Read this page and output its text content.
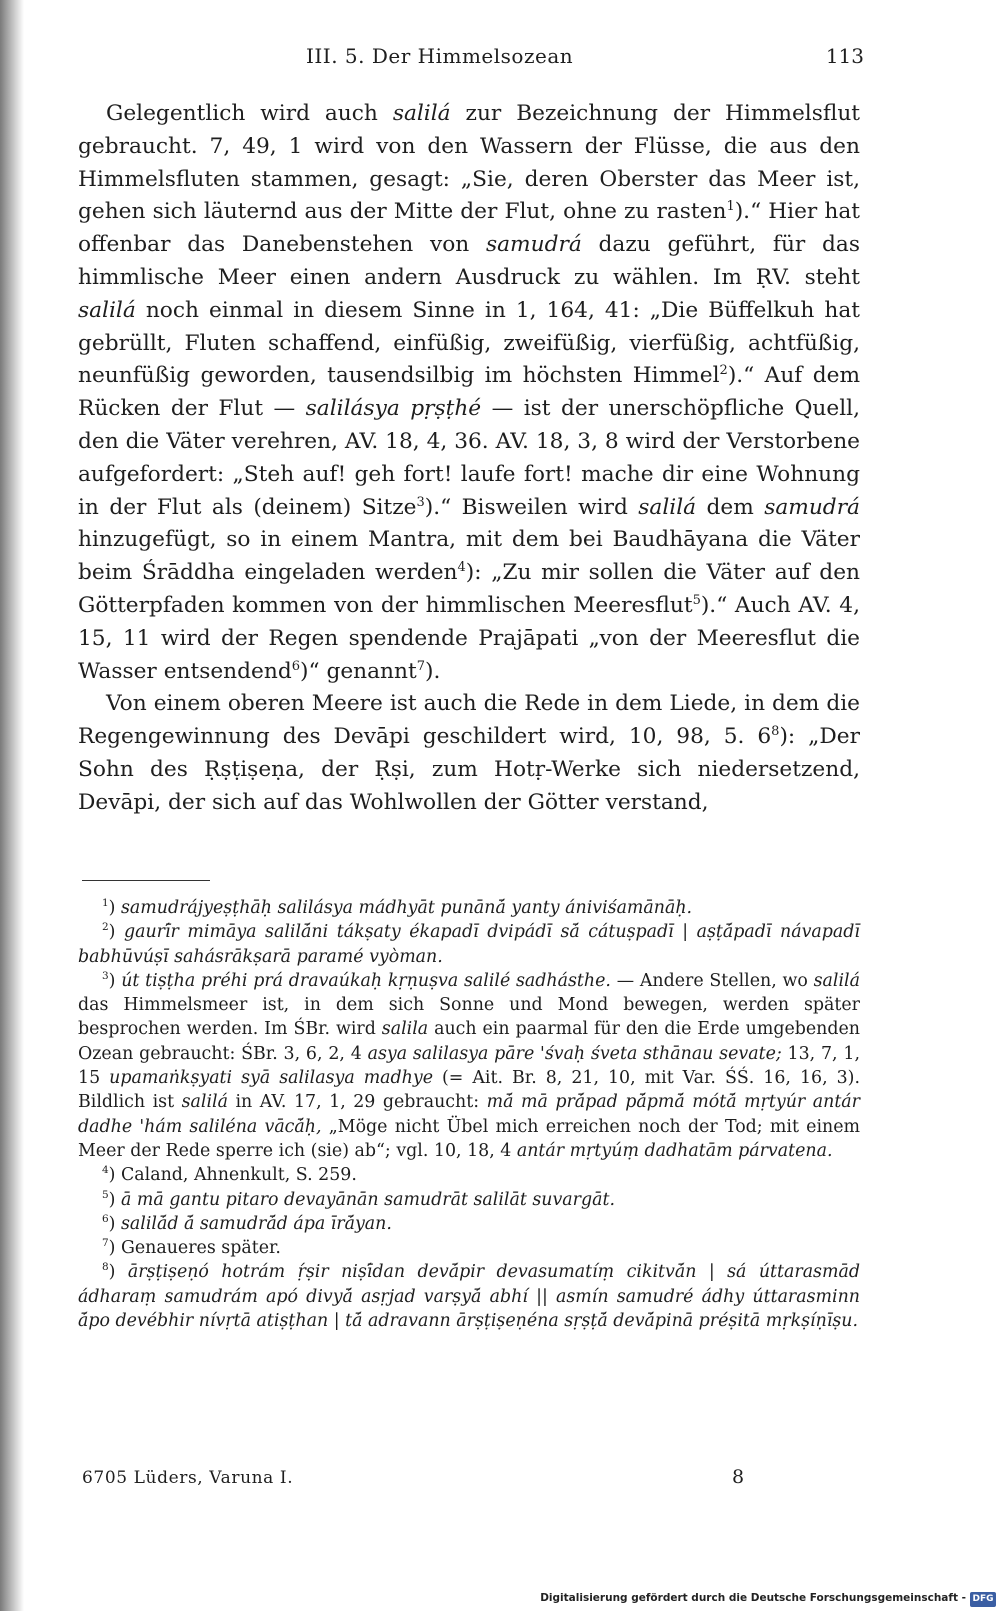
III. 5. Der Himmelsozean	113

Gelegentlich wird auch salilá zur Bezeichnung der Himmelsflut gebraucht. 7, 49, 1 wird von den Wassern der Flüsse, die aus den Himmelsfluten stammen, gesagt: „Sie, deren Oberster das Meer ist, gehen sich läuternd aus der Mitte der Flut, ohne zu rasten$^1$).“ Hier hat offenbar das Danebenstehen von samudrá dazu geführt, für das himmlische Meer einen andern Ausdruck zu wählen. Im ṚV. steht salilá noch einmal in diesem Sinne in 1, 164, 41: „Die Büffelkuh hat gebrüllt, Fluten schaffend, einfüßig, zweifüßig, vierfüßig, achtfüßig, neunfüßig geworden, tausendsilbig im höchsten Himmel$^2$).“ Auf dem Rücken der Flut — salilásya pṛṣṭhé — ist der unerschöpfliche Quell, den die Väter verehren, AV. 18, 4, 36. AV. 18, 3, 8 wird der Verstorbene aufgefordert: „Steh auf! geh fort! laufe fort! mache dir eine Wohnung in der Flut als (deinem) Sitze$^3$).“ Bisweilen wird salilá dem samudrá hinzugefügt, so in einem Mantra, mit dem bei Baudhāyana die Väter beim Śrāddha eingeladen werden$^4$): „Zu mir sollen die Väter auf den Götterpfaden kommen von der himmlischen Meeresflut$^5$).“ Auch AV. 4, 15, 11 wird der Regen spendende Prajāpati „von der Meeresflut die Wasser entsendend$^6$)“ genannt$^7$).

Von einem oberen Meere ist auch die Rede in dem Liede, in dem die Regengewinnung des Devāpi geschildert wird, 10, 98, 5. $6^8$): „Der Sohn des Ṛṣṭiṣeṇa, der Ṛṣi, zum Hotṛ-Werke sich niedersetzend, Devāpi, der sich auf das Wohlwollen der Götter verstand,

$^1$) samudrájyeṣṭhāḥ salilásya mádhyāt punānā́ yanty ániviśamānāḥ.

$^2$) gaurī́r mimāya salilā́ni tákṣaty ékapadī dvipádī sā́ cátuṣpadī | aṣṭā́padī návapadī babhūvúṣī sahásrākṣarā paramé vyòman.

$^3$) út tiṣṭha préhi prá dravaúkaḥ kṛṇuṣva salilé sadhásthe. — Andere Stellen, wo salilá das Himmelsmeer ist, in dem sich Sonne und Mond bewegen, werden später besprochen werden. Im ŚBr. wird salila auch ein paarmal für den die Erde umgebenden Ozean gebraucht: ŚBr. 3, 6, 2, 4 asya salilasya pāre 'śvaḥ śveta sthānau sevate; 13, 7, 1, 15 upamaṅkṣyati syā salilasya madhye (= Ait. Br. 8, 21, 10, mit Var. ŚŚ. 16, 16, 3). Bildlich ist salilá in AV. 17, 1, 29 gebraucht: mā́ mā prā́pad pā́pmā́ mótā́ mṛtyúr antár dadhe 'hám saliléna vācā́ḥ, „Möge nicht Übel mich erreichen noch der Tod; mit einem Meer der Rede sperre ich (sie) ab“; vgl. 10, 18, 4 antár mṛtyúṃ dadhatām párvatena.

$^4$) Caland, Ahnenkult, S. 259.

$^5$) ā mā gantu pitaro devayānān samudrāt salilāt suvargāt.

$^6$) salilā́d ā́ samudrā́d ápa īrā́yan.

$^7$) Genaueres später.

$^8$) ārṣṭiṣeṇó hotrám ṛ́ṣir niṣī́dan devā́pir devasumatíṃ cikitvā́n | sá úttarasmād ádharaṃ samudrám apó divyā́ asṛjad varṣyā́ abhí || asmín samudré ádhy úttarasminn ā́po devébhir nívṛtā atiṣṭhan | tā́ adravann ārṣṭiṣeṇéna sṛṣṭā́ devā́pinā préṣitā mṛkṣíṇīṣu.

6705 Lüders, Varuna I.	8
Digitalisierung gefördert durch die Deutsche Forschungsgemeinschaft - DFG
